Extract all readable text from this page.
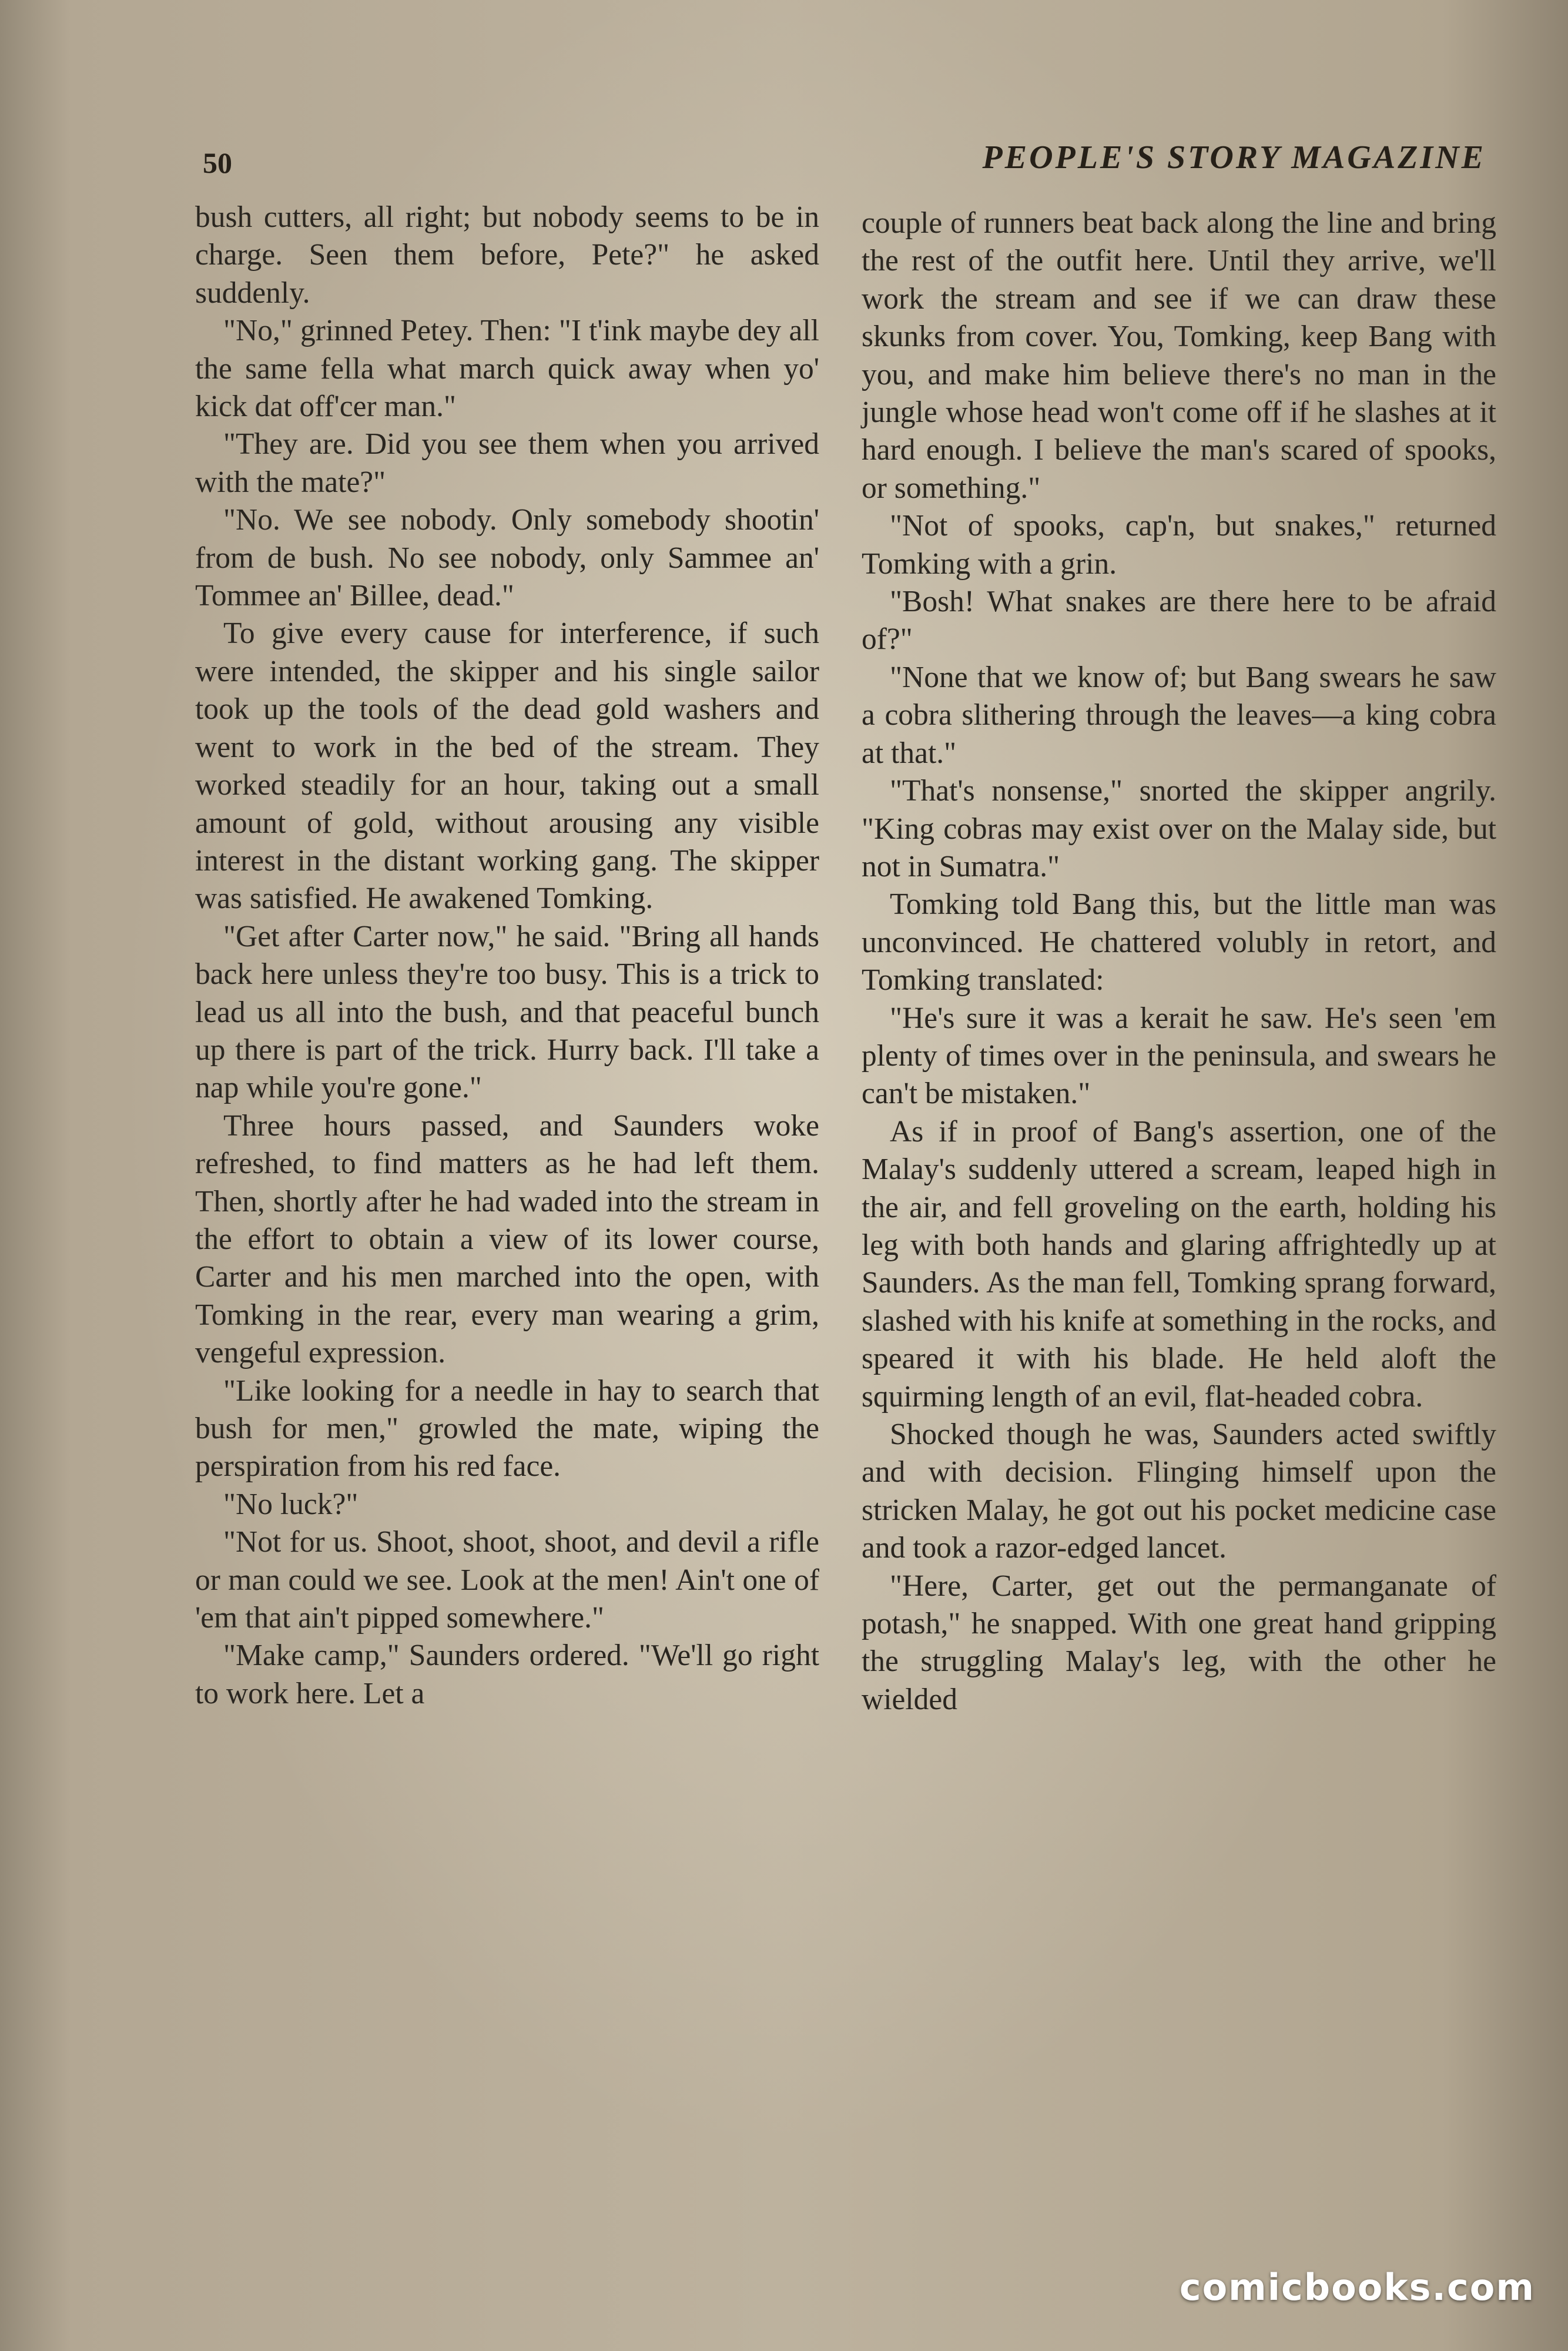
50	PEOPLE'S STORY MAGAZINE

bush cutters, all right; but nobody seems to be in charge. Seen them before, Pete?" he asked suddenly.

"No," grinned Petey. Then: "I t'ink maybe dey all the same fella what march quick away when yo' kick dat off'cer man."

"They are. Did you see them when you arrived with the mate?"

"No. We see nobody. Only somebody shootin' from de bush. No see nobody, only Sammee an' Tommee an' Billee, dead."

To give every cause for interference, if such were intended, the skipper and his single sailor took up the tools of the dead gold washers and went to work in the bed of the stream. They worked steadily for an hour, taking out a small amount of gold, without arousing any visible interest in the distant working gang. The skipper was satisfied. He awakened Tomking.

"Get after Carter now," he said. "Bring all hands back here unless they're too busy. This is a trick to lead us all into the bush, and that peaceful bunch up there is part of the trick. Hurry back. I'll take a nap while you're gone."

Three hours passed, and Saunders woke refreshed, to find matters as he had left them. Then, shortly after he had waded into the stream in the effort to obtain a view of its lower course, Carter and his men marched into the open, with Tomking in the rear, every man wearing a grim, vengeful expression.

"Like looking for a needle in hay to search that bush for men," growled the mate, wiping the perspiration from his red face.

"No luck?"

"Not for us. Shoot, shoot, shoot, and devil a rifle or man could we see. Look at the men! Ain't one of 'em that ain't pipped somewhere."

"Make camp," Saunders ordered. "We'll go right to work here. Let a

couple of runners beat back along the line and bring the rest of the outfit here. Until they arrive, we'll work the stream and see if we can draw these skunks from cover. You, Tomking, keep Bang with you, and make him believe there's no man in the jungle whose head won't come off if he slashes at it hard enough. I believe the man's scared of spooks, or something."

"Not of spooks, cap'n, but snakes," returned Tomking with a grin.

"Bosh! What snakes are there here to be afraid of?"

"None that we know of; but Bang swears he saw a cobra slithering through the leaves—a king cobra at that."

"That's nonsense," snorted the skipper angrily. "King cobras may exist over on the Malay side, but not in Sumatra."

Tomking told Bang this, but the little man was unconvinced. He chattered volubly in retort, and Tomking translated:

"He's sure it was a kerait he saw. He's seen 'em plenty of times over in the peninsula, and swears he can't be mistaken."

As if in proof of Bang's assertion, one of the Malay's suddenly uttered a scream, leaped high in the air, and fell groveling on the earth, holding his leg with both hands and glaring affrightedly up at Saunders. As the man fell, Tomking sprang forward, slashed with his knife at something in the rocks, and speared it with his blade. He held aloft the squirming length of an evil, flat-headed cobra.

Shocked though he was, Saunders acted swiftly and with decision. Flinging himself upon the stricken Malay, he got out his pocket medicine case and took a razor-edged lancet.

"Here, Carter, get out the permanganate of potash," he snapped. With one great hand gripping the struggling Malay's leg, with the other he wielded

comicbooks.com
